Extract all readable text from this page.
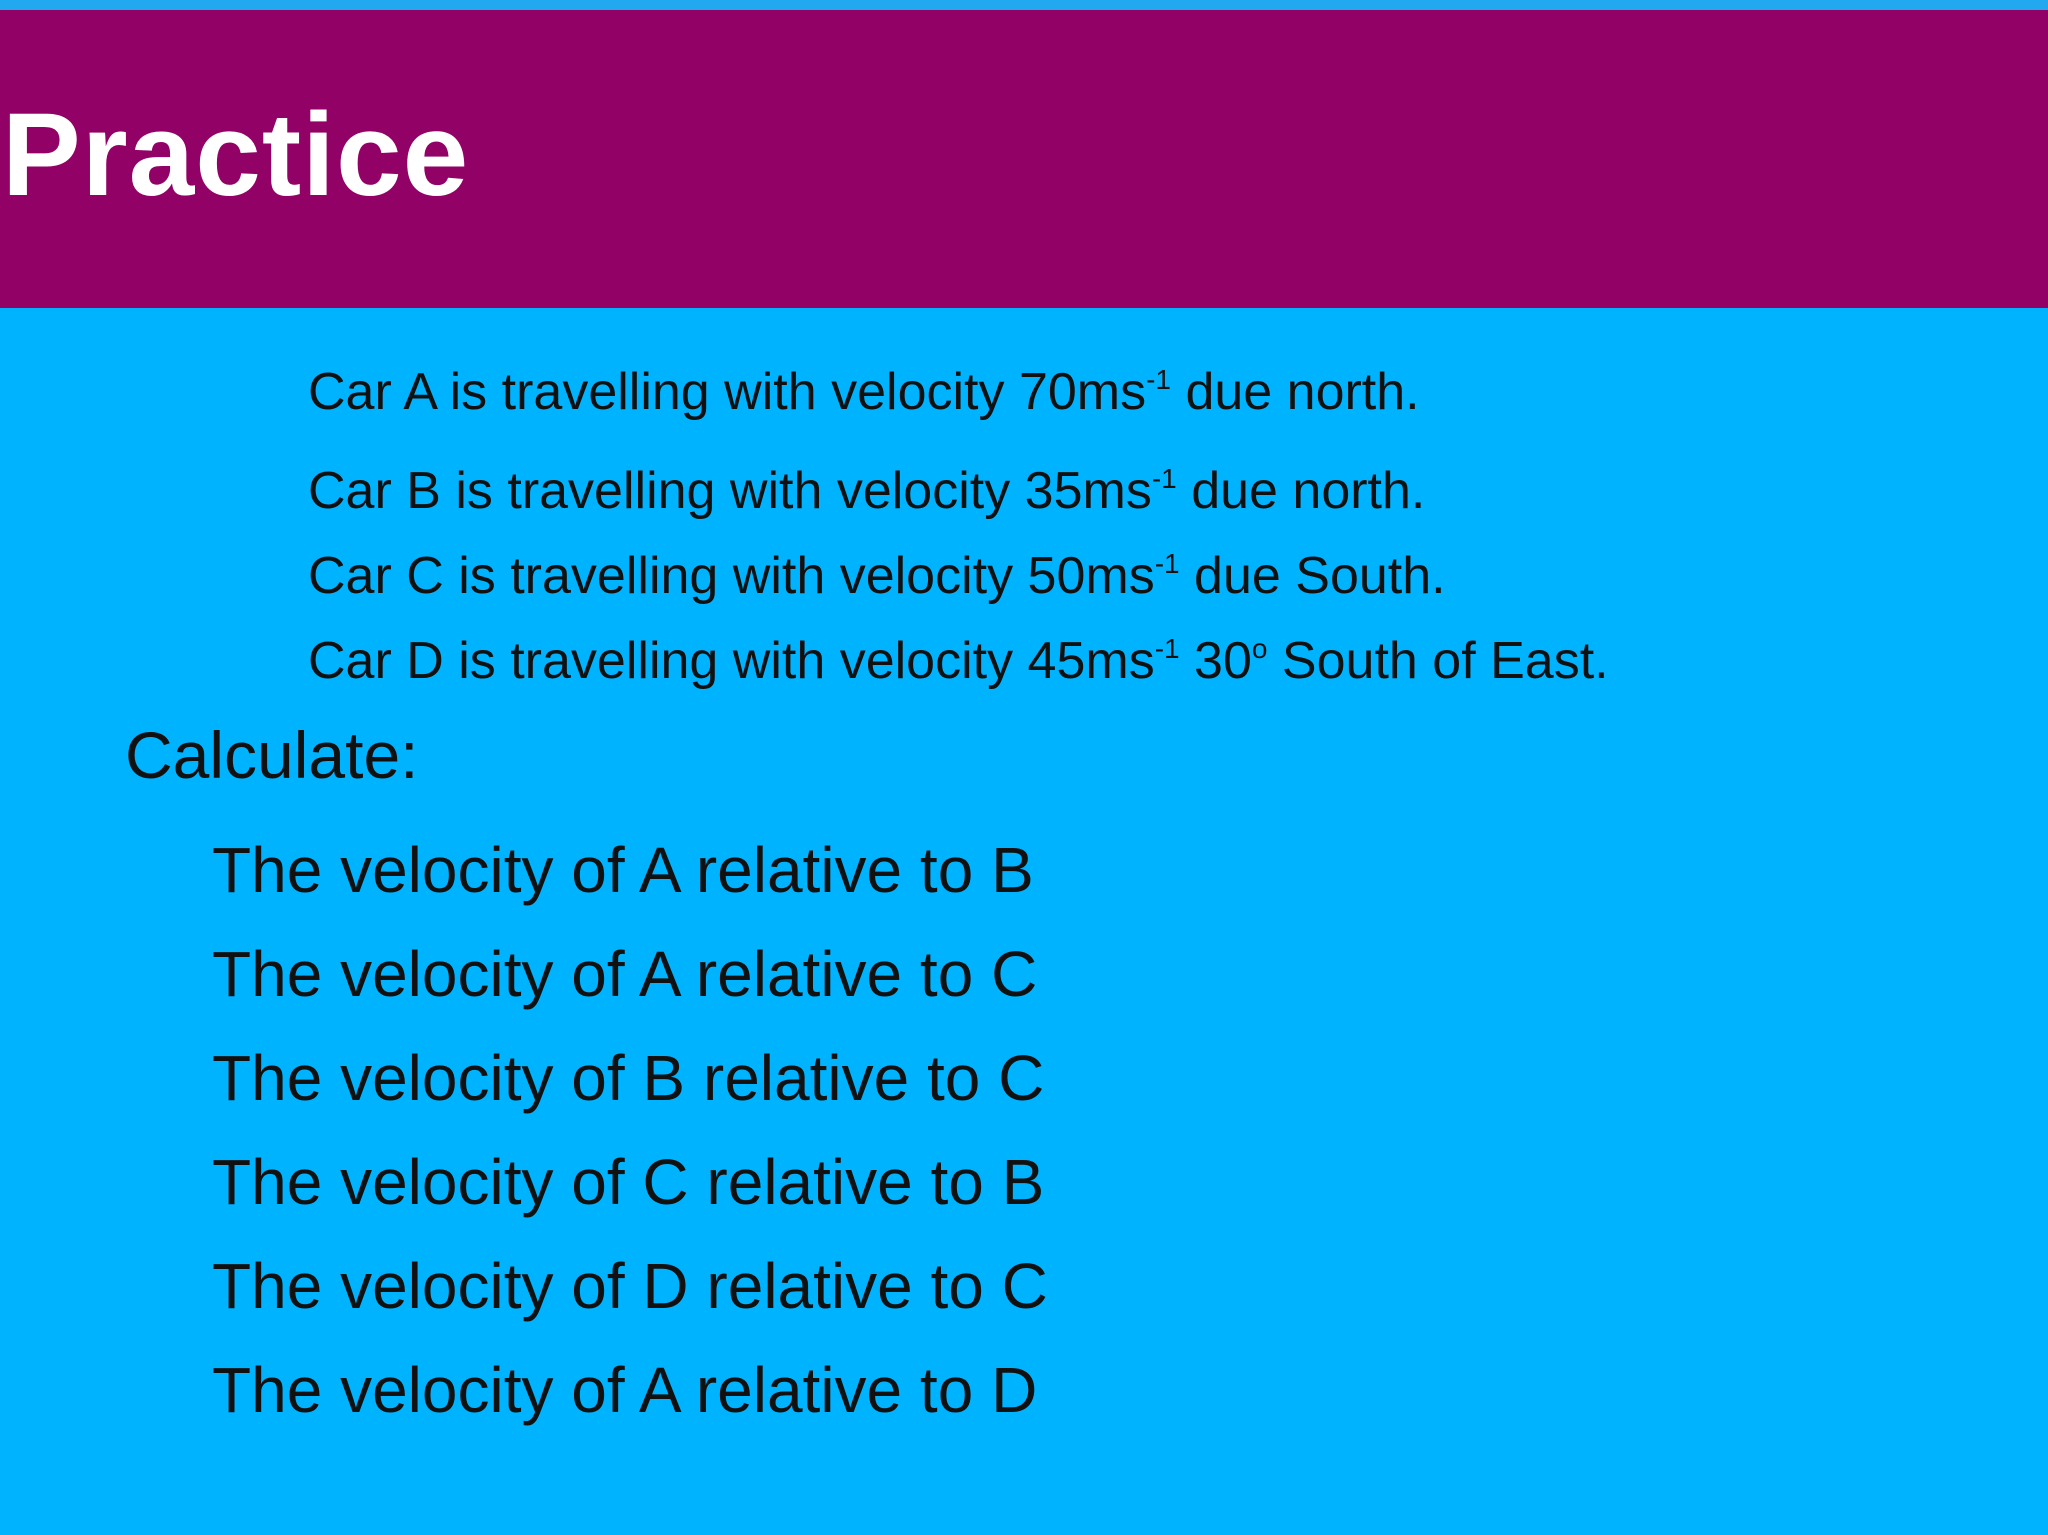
Practice
Car A is travelling with velocity $70ms^{-1}$ due north.
Car B is travelling with velocity $35ms^{-1}$ due north.
Car C is travelling with velocity $50ms^{-1}$ due South.
Car D is travelling with velocity $45ms^{-1}$ 30$^o$ South of East.
Calculate:
The velocity of A relative to B
The velocity of A relative to C
The velocity of B relative to C
The velocity of C relative to B
The velocity of D relative to C
The velocity of A relative to D
